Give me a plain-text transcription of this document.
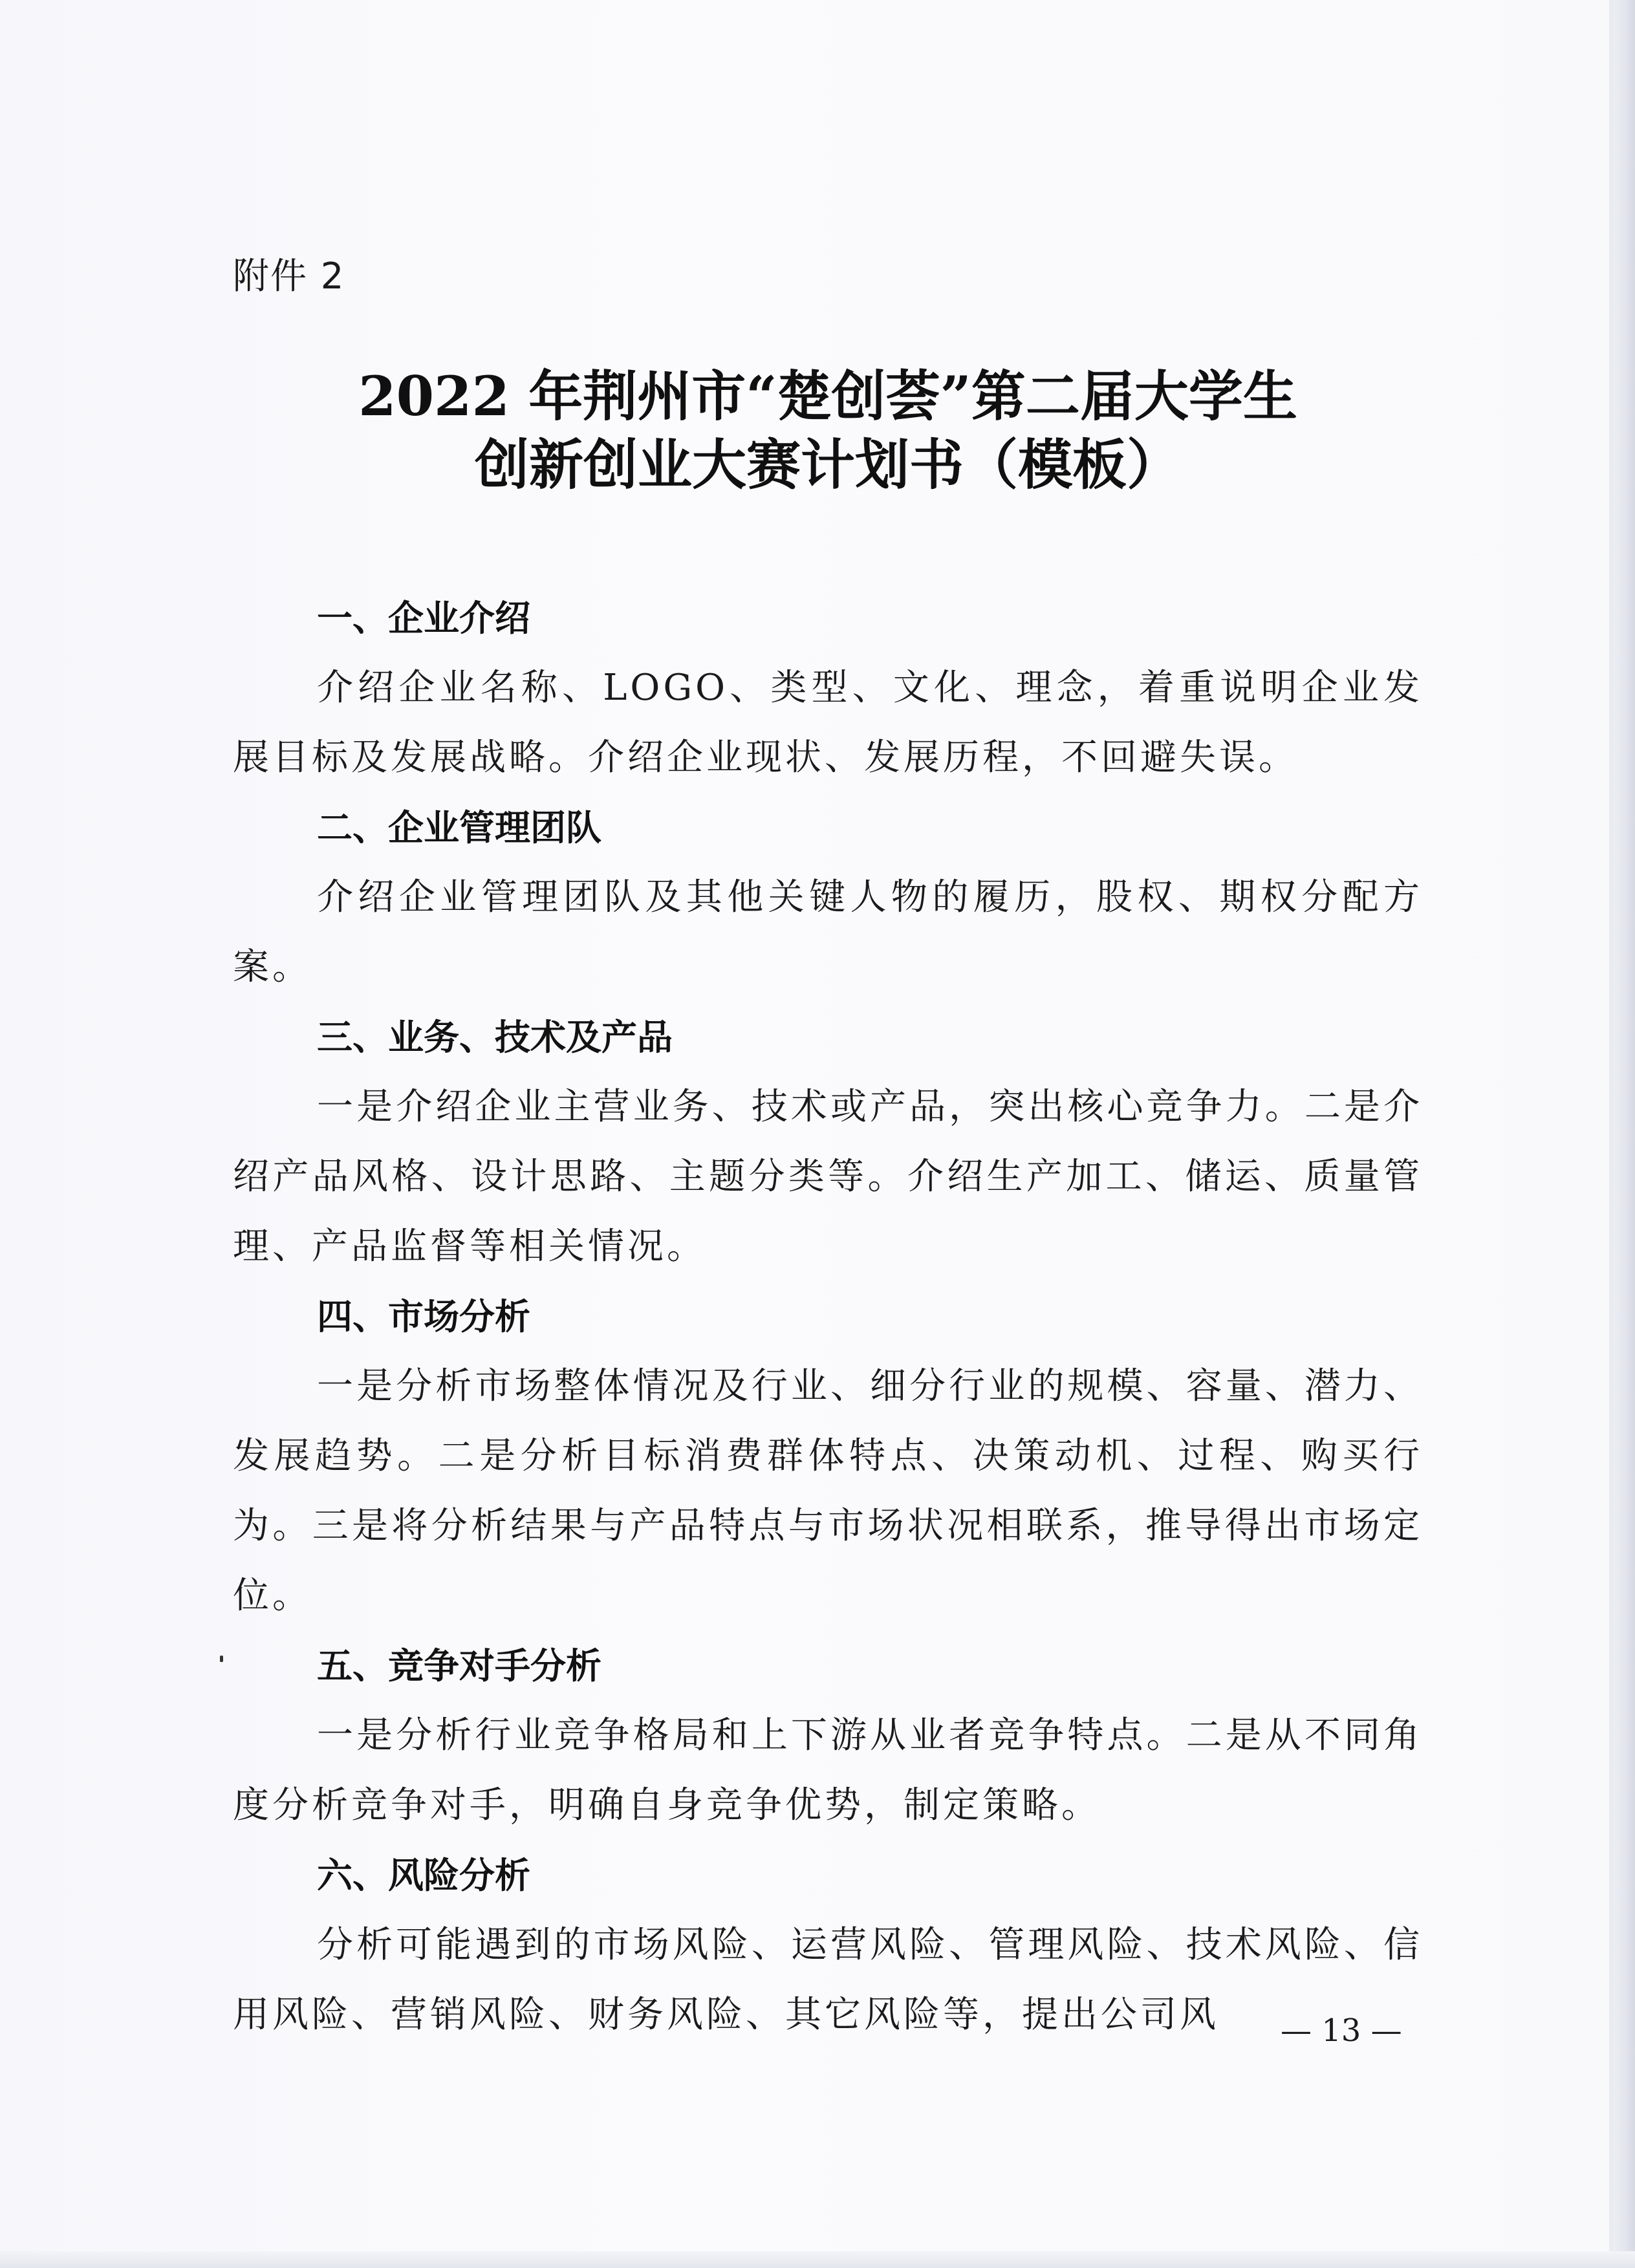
附件 2
2022 年荆州市“楚创荟”第二届大学生
创新创业大赛计划书（模板）
一、企业介绍

介绍企业名称、LOGO、类型、文化、理念，着重说明企业发展目标及发展战略。介绍企业现状、发展历程，不回避失误。

二、企业管理团队

介绍企业管理团队及其他关键人物的履历，股权、期权分配方案。

三、业务、技术及产品

一是介绍企业主营业务、技术或产品，突出核心竞争力。二是介绍产品风格、设计思路、主题分类等。介绍生产加工、储运、质量管理、产品监督等相关情况。

四、市场分析

一是分析市场整体情况及行业、细分行业的规模、容量、潜力、发展趋势。二是分析目标消费群体特点、决策动机、过程、购买行为。三是将分析结果与产品特点与市场状况相联系，推导得出市场定位。

五、竞争对手分析

一是分析行业竞争格局和上下游从业者竞争特点。二是从不同角度分析竞争对手，明确自身竞争优势，制定策略。

六、风险分析

分析可能遇到的市场风险、运营风险、管理风险、技术风险、信用风险、营销风险、财务风险、其它风险等，提出公司风	— 13 —
